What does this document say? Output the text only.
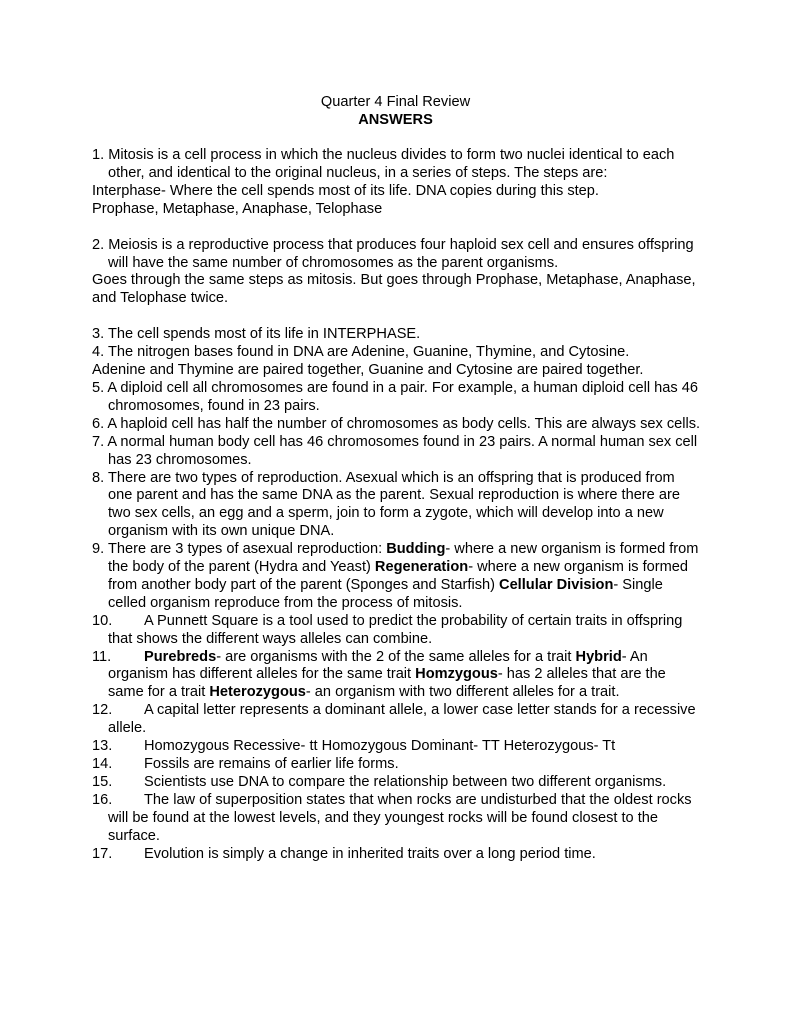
Quarter 4 Final Review
ANSWERS

1. Mitosis is a cell process in which the nucleus divides to form two nuclei identical to each other, and identical to the original nucleus, in a series of steps. The steps are:

Interphase- Where the cell spends most of its life. DNA copies during this step.

Prophase, Metaphase, Anaphase, Telophase

2. Meiosis is a reproductive process that produces four haploid sex cell and ensures offspring will have the same number of chromosomes as the parent organisms.

Goes through the same steps as mitosis. But goes through Prophase, Metaphase, Anaphase, and Telophase twice.

3. The cell spends most of its life in INTERPHASE.

4. The nitrogen bases found in DNA are Adenine, Guanine, Thymine, and Cytosine.

Adenine and Thymine are paired together, Guanine and Cytosine are paired together.

5. A diploid cell all chromosomes are found in a pair. For example, a human diploid cell has 46 chromosomes, found in 23 pairs.

6. A haploid cell has half the number of chromosomes as body cells. This are always sex cells.

7. A normal human body cell has 46 chromosomes found in 23 pairs. A normal human sex cell has 23 chromosomes.

8. There are two types of reproduction. Asexual which is an offspring that is produced from one parent and has the same DNA as the parent. Sexual reproduction is where there are two sex cells, an egg and a sperm, join to form a zygote, which will develop into a new organism with its own unique DNA.

9. There are 3 types of asexual reproduction: Budding- where a new organism is formed from the body of the parent (Hydra and Yeast) Regeneration- where a new organism is formed from another body part of the parent (Sponges and Starfish) Cellular Division- Single celled organism reproduce from the process of mitosis.

10. A Punnett Square is a tool used to predict the probability of certain traits in offspring that shows the different ways alleles can combine.

11. Purebreds- are organisms with the 2 of the same alleles for a trait Hybrid- An organism has different alleles for the same trait Homzygous- has 2 alleles that are the same for a trait Heterozygous- an organism with two different alleles for a trait.

12. A capital letter represents a dominant allele, a lower case letter stands for a recessive allele.

13. Homozygous Recessive- tt Homozygous Dominant- TT Heterozygous- Tt

14. Fossils are remains of earlier life forms.

15. Scientists use DNA to compare the relationship between two different organisms.

16. The law of superposition states that when rocks are undisturbed that the oldest rocks will be found at the lowest levels, and they youngest rocks will be found closest to the surface.

17. Evolution is simply a change in inherited traits over a long period time.
